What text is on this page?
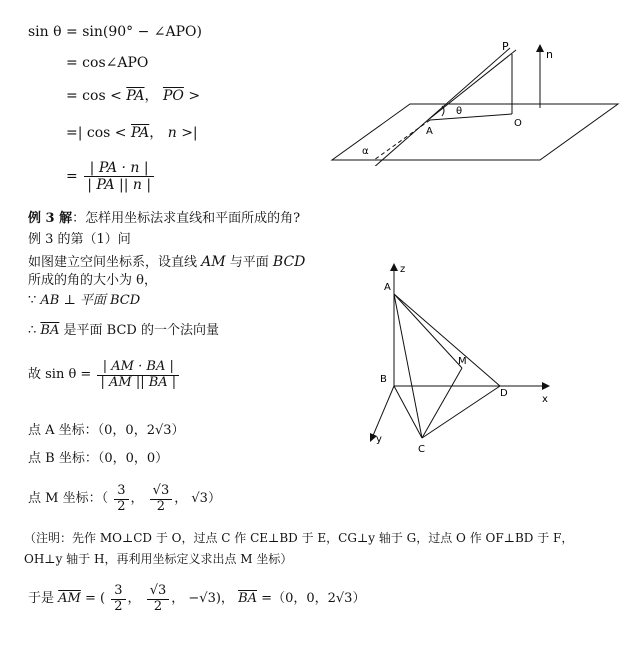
sin θ = sin(90° − ∠APO)
= cos∠APO
= $\cos < \overline{PA}$， $\overline{PO}$ >
=| $\cos < \overline{PA}$， n >|
= $\frac{| PA \cdot n |}{| PA || n |}$
P
n
θ
A
O
α
例 3 解：怎样用坐标法求直线和平面所成的角?
例 3 的第（1）问
如图建立空间坐标系，设直线 AM 与平面 BCD
所成的角的大小为 θ，
∵ AB ⊥ 平面 BCD
∴ $\overline{BA}$ 是平面 BCD 的一个法向量
故 $\sin \theta = \frac{| AM \cdot BA |}{| AM || BA |}$
点 A 坐标：（0，0，2√3）
点 B 坐标：（0，0，0）
点 M 坐标：（ $\frac{3}{2}$ ， $\frac{√3}{2}$ ， √3）
（注明：先作 MO⊥CD 于 O，过点 C 作 CE⊥BD 于 E，CG⊥y 轴于 G，过点 O 作 OF⊥BD 于 F，
OH⊥y 轴于 H，再利用坐标定义求出点 M 坐标）
于是 $\overline{AM}$ = ( $\frac{3}{2}$ ， $\frac{√3}{2}$ ， −√3)， $\overline{BA} =(0$，0，2√3）
z
A
B
M
D
x
y
C
